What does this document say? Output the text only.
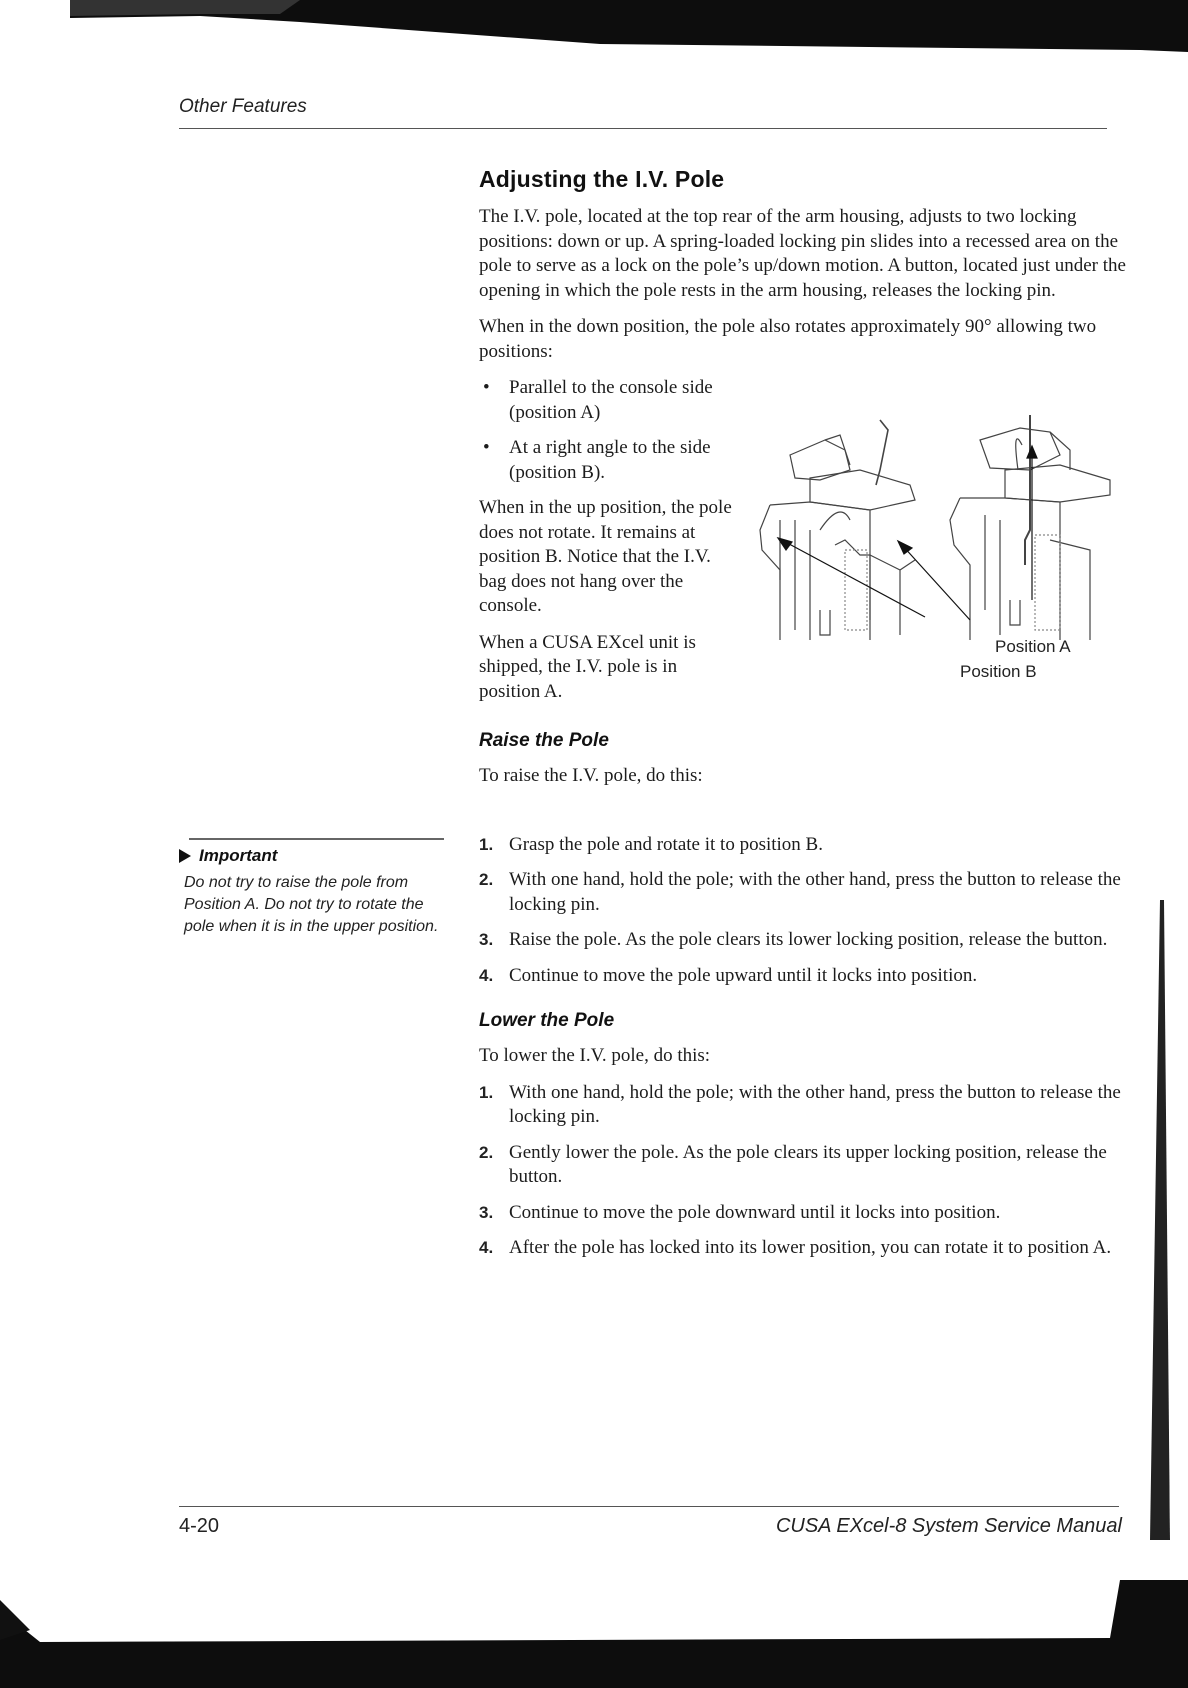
Other Features
Adjusting the I.V. Pole

The I.V. pole, located at the top rear of the arm housing, adjusts to two locking positions: down or up. A spring-loaded locking pin slides into a recessed area on the pole to serve as a lock on the pole’s up/down motion. A button, located just under the opening in which the pole rests in the arm housing, releases the locking pin.

When in the down position, the pole also rotates approximately 90° allowing two positions:

• Parallel to the console side (position A)
• At a right angle to the side (position B).

When in the up position, the pole does not rotate. It remains at position B. Notice that the I.V. bag does not hang over the console.

When a CUSA EXcel unit is shipped, the I.V. pole is in position A.

Raise the Pole

To raise the I.V. pole, do this:

1. Grasp the pole and rotate it to position B.
2. With one hand, hold the pole; with the other hand, press the button to release the locking pin.
3. Raise the pole. As the pole clears its lower locking position, release the button.
4. Continue to move the pole upward until it locks into position.
Lower the Pole

To lower the I.V. pole, do this:

1. With one hand, hold the pole; with the other hand, press the button to release the locking pin.
2. Gently lower the pole. As the pole clears its upper locking position, release the button.
3. Continue to move the pole downward until it locks into position.
4. After the pole has locked into its lower position, you can rotate it to position A.
Position A
Position B
Important
Do not try to raise the pole from Position A. Do not try to rotate the pole when it is in the upper position.
4-20	CUSA EXcel-8 System Service Manual
